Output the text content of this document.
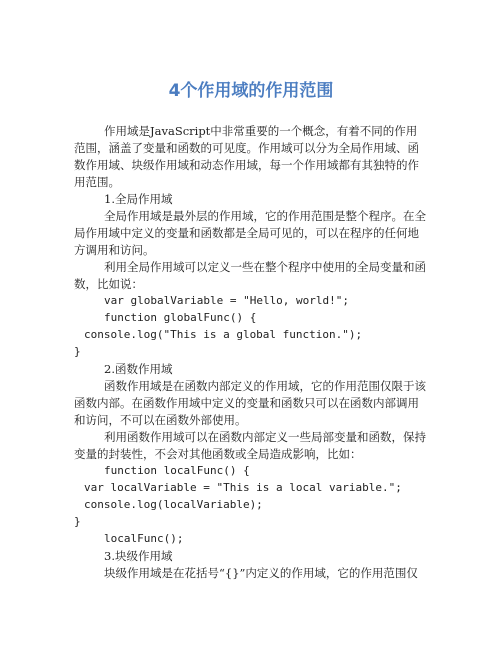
4个作用域的作用范围
作用域是JavaScript中非常重要的一个概念，有着不同的作用
范围，涵盖了变量和函数的可见度。作用域可以分为全局作用域、函
数作用域、块级作用域和动态作用域，每一个作用域都有其独特的作
用范围。
1.全局作用域
全局作用域是最外层的作用域，它的作用范围是整个程序。在全
局作用域中定义的变量和函数都是全局可见的，可以在程序的任何地
方调用和访问。
利用全局作用域可以定义一些在整个程序中使用的全局变量和函
数，比如说：
var globalVariable = "Hello, world!";
function globalFunc() {
console.log("This is a global function.");
}
2.函数作用域
函数作用域是在函数内部定义的作用域，它的作用范围仅限于该
函数内部。在函数作用域中定义的变量和函数只可以在函数内部调用
和访问，不可以在函数外部使用。
利用函数作用域可以在函数内部定义一些局部变量和函数，保持
变量的封装性，不会对其他函数或全局造成影响，比如：
function localFunc() {
var localVariable = "This is a local variable.";
console.log(localVariable);
}
localFunc();
3.块级作用域
块级作用域是在花括号“{}”内定义的作用域，它的作用范围仅
